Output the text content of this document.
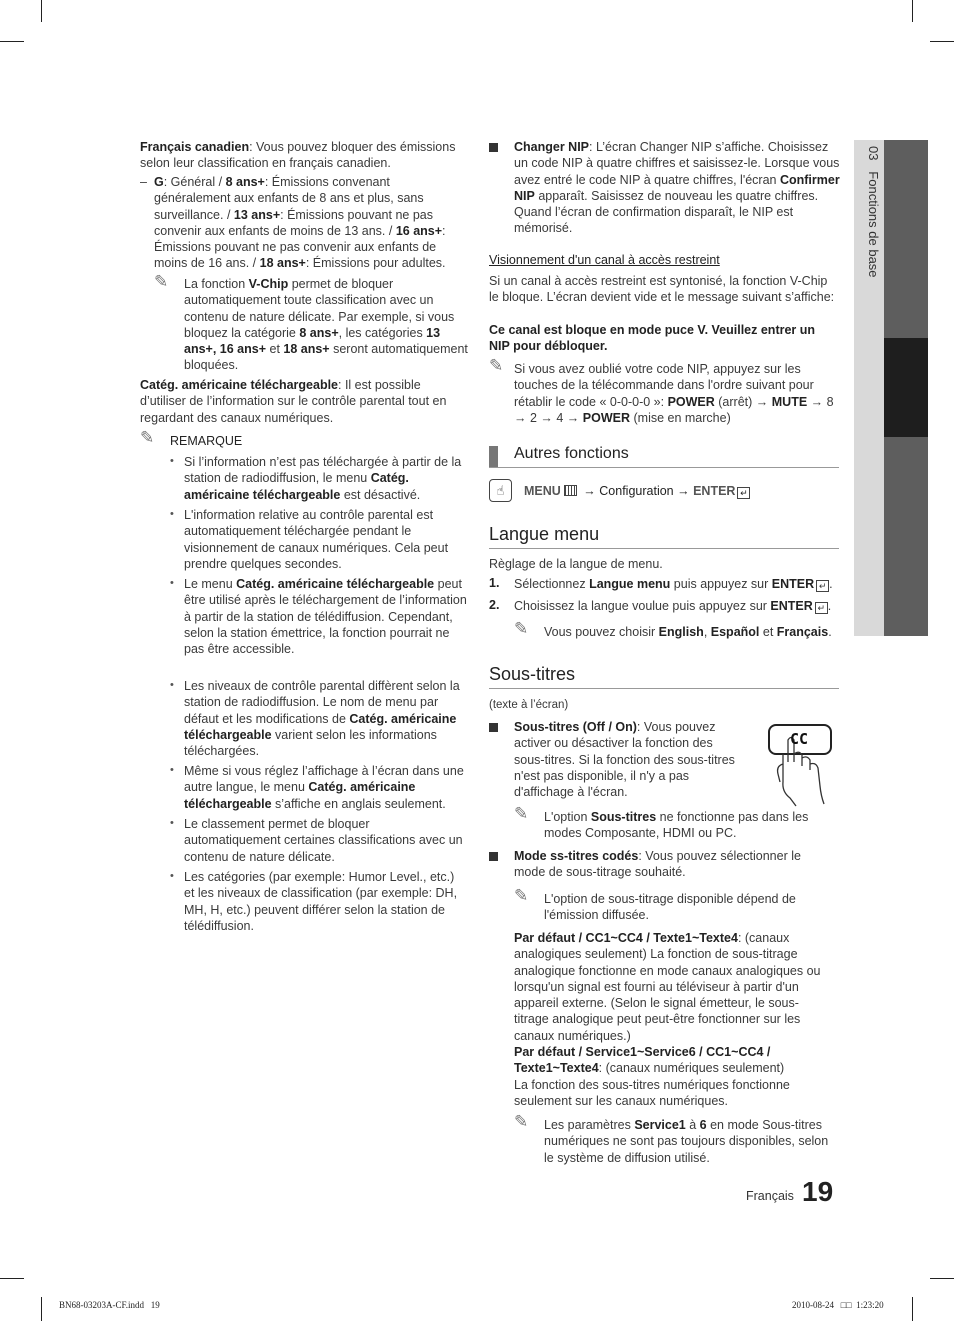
03   Fonctions de base
Français canadien: Vous pouvez bloquer des émissions selon leur classification en français canadien.
– G: Général / 8 ans+: Émissions convenant généralement aux enfants de 8 ans et plus, sans surveillance. / 13 ans+: Émissions pouvant ne pas convenir aux enfants de moins de 13 ans. / 16 ans+: Émissions pouvant ne pas convenir aux enfants de moins de 16 ans. / 18 ans+: Émissions pour adultes.
✎ La fonction V-Chip permet de bloquer automatiquement toute classification avec un contenu de nature délicate. Par exemple, si vous bloquez la catégorie 8 ans+, les catégories 13 ans+, 16 ans+ et 18 ans+ seront automatiquement bloquées.
Catég. américaine téléchargeable: Il est possible d’utiliser de l’information sur le contrôle parental tout en regardant des canaux numériques.
✎ REMARQUE
• Si l’information n’est pas téléchargée à partir de la station de radiodiffusion, le menu Catég. américaine téléchargeable est désactivé.
• L'information relative au contrôle parental est automatiquement téléchargée pendant le visionnement de canaux numériques. Cela peut prendre quelques secondes.
• Le menu Catég. américaine téléchargeable peut être utilisé après le téléchargement de l’information à partir de la station de télédiffusion. Cependant, selon la station émettrice, la fonction pourrait ne pas être accessible.
• Les niveaux de contrôle parental diffèrent selon la station de radiodiffusion. Le nom de menu par défaut et les modifications de Catég. américaine téléchargeable varient selon les informations téléchargées.
• Même si vous réglez l’affichage à l’écran dans une autre langue, le menu Catég. américaine téléchargeable s’affiche en anglais seulement.
• Le classement permet de bloquer automatiquement certaines classifications avec un contenu de nature délicate.
• Les catégories (par exemple: Humor Level., etc.) et les niveaux de classification (par exemple: DH, MH, H, etc.) peuvent différer selon la station de télédiffusion.
Changer NIP: L’écran Changer NIP s’affiche. Choisissez un code NIP à quatre chiffres et saisissez-le. Lorsque vous avez entré le code NIP à quatre chiffres, l'écran Confirmer NIP apparaît. Saisissez de nouveau les quatre chiffres. Quand l’écran de confirmation disparaît, le NIP est mémorisé.
Visionnement d'un canal à accès restreint
Si un canal à accès restreint est syntonisé, la fonction V-Chip le bloque. L’écran devient vide et le message suivant s’affiche:
Ce canal est bloque en mode puce V. Veuillez entrer un NIP pour débloquer.
✎ Si vous avez oublié votre code NIP, appuyez sur les touches de la télécommande dans l'ordre suivant pour rétablir le code « 0-0-0-0 »: POWER (arrêt) → MUTE → 8 → 2 → 4 → POWER (mise en marche)
Autres fonctions
☝	MENU → Configuration → ENTER ↵
Langue menu
Règlage de la langue de menu.
1. Sélectionnez Langue menu puis appuyez sur ENTER ↵ .
2. Choisissez la langue voulue puis appuyez sur ENTER ↵ .
✎ Vous pouvez choisir English, Español et Français.
Sous-titres
(texte à l’écran)
Sous-titres (Off / On): Vous pouvez activer ou désactiver la fonction des sous-titres. Si la fonction des sous-titres n'est pas disponible, il n'y a pas d'affichage à l'écran.
CC
✎ L'option Sous-titres ne fonctionne pas dans les modes Composante, HDMI ou PC.
Mode ss-titres codés: Vous pouvez sélectionner le mode de sous-titrage souhaité.
✎ L'option de sous-titrage disponible dépend de l'émission diffusée.
Par défaut / CC1~CC4 / Texte1~Texte4: (canaux analogiques seulement) La fonction de sous-titrage analogique fonctionne en mode canaux analogiques ou lorsqu'un signal est fourni au téléviseur à partir d'un appareil externe. (Selon le signal émetteur, le sous-titrage analogique peut peut-être fonctionner sur les canaux numériques.)
Par défaut / Service1~Service6 / CC1~CC4 / Texte1~Texte4: (canaux numériques seulement)
La fonction des sous-titres numériques fonctionne seulement sur les canaux numériques.
✎ Les paramètres Service1 à 6 en mode Sous-titres numériques ne sont pas toujours disponibles, selon le système de diffusion utilisé.
Français 19
BN68-03203A-CF.indd   19	2010-08-24   □□  1:23:20
